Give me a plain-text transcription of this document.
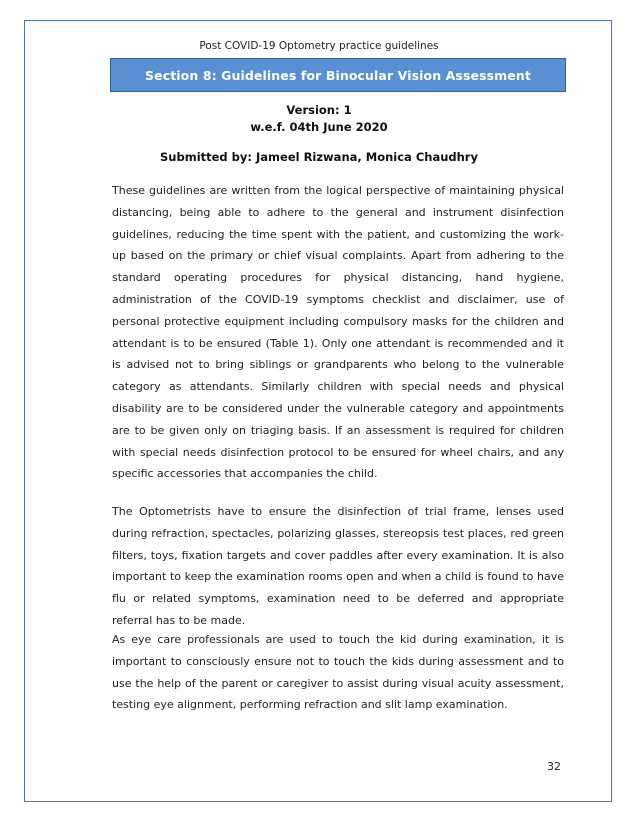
Post COVID-19 Optometry practice guidelines
Section 8: Guidelines for Binocular Vision Assessment
Version: 1
w.e.f. 04th June 2020
Submitted by: Jameel Rizwana, Monica Chaudhry

These guidelines are written from the logical perspective of maintaining physical distancing, being able to adhere to the general and instrument disinfection guidelines, reducing the time spent with the patient, and customizing the work-up based on the primary or chief visual complaints. Apart from adhering to the standard operating procedures for physical distancing, hand hygiene, administration of the COVID-19 symptoms checklist and disclaimer, use of personal protective equipment including compulsory masks for the children and attendant is to be ensured (Table 1). Only one attendant is recommended and it is advised not to bring siblings or grandparents who belong to the vulnerable category as attendants. Similarly children with special needs and physical disability are to be considered under the vulnerable category and appointments are to be given only on triaging basis. If an assessment is required for children with special needs disinfection protocol to be ensured for wheel chairs, and any specific accessories that accompanies the child.

The Optometrists have to ensure the disinfection of trial frame, lenses used during refraction, spectacles, polarizing glasses, stereopsis test places, red green filters, toys, fixation targets and cover paddles after every examination. It is also important to keep the examination rooms open and when a child is found to have flu or related symptoms, examination need to be deferred and appropriate referral has to be made.

As eye care professionals are used to touch the kid during examination, it is important to consciously ensure not to touch the kids during assessment and to use the help of the parent or caregiver to assist during visual acuity assessment, testing eye alignment, performing refraction and slit lamp examination.

32
